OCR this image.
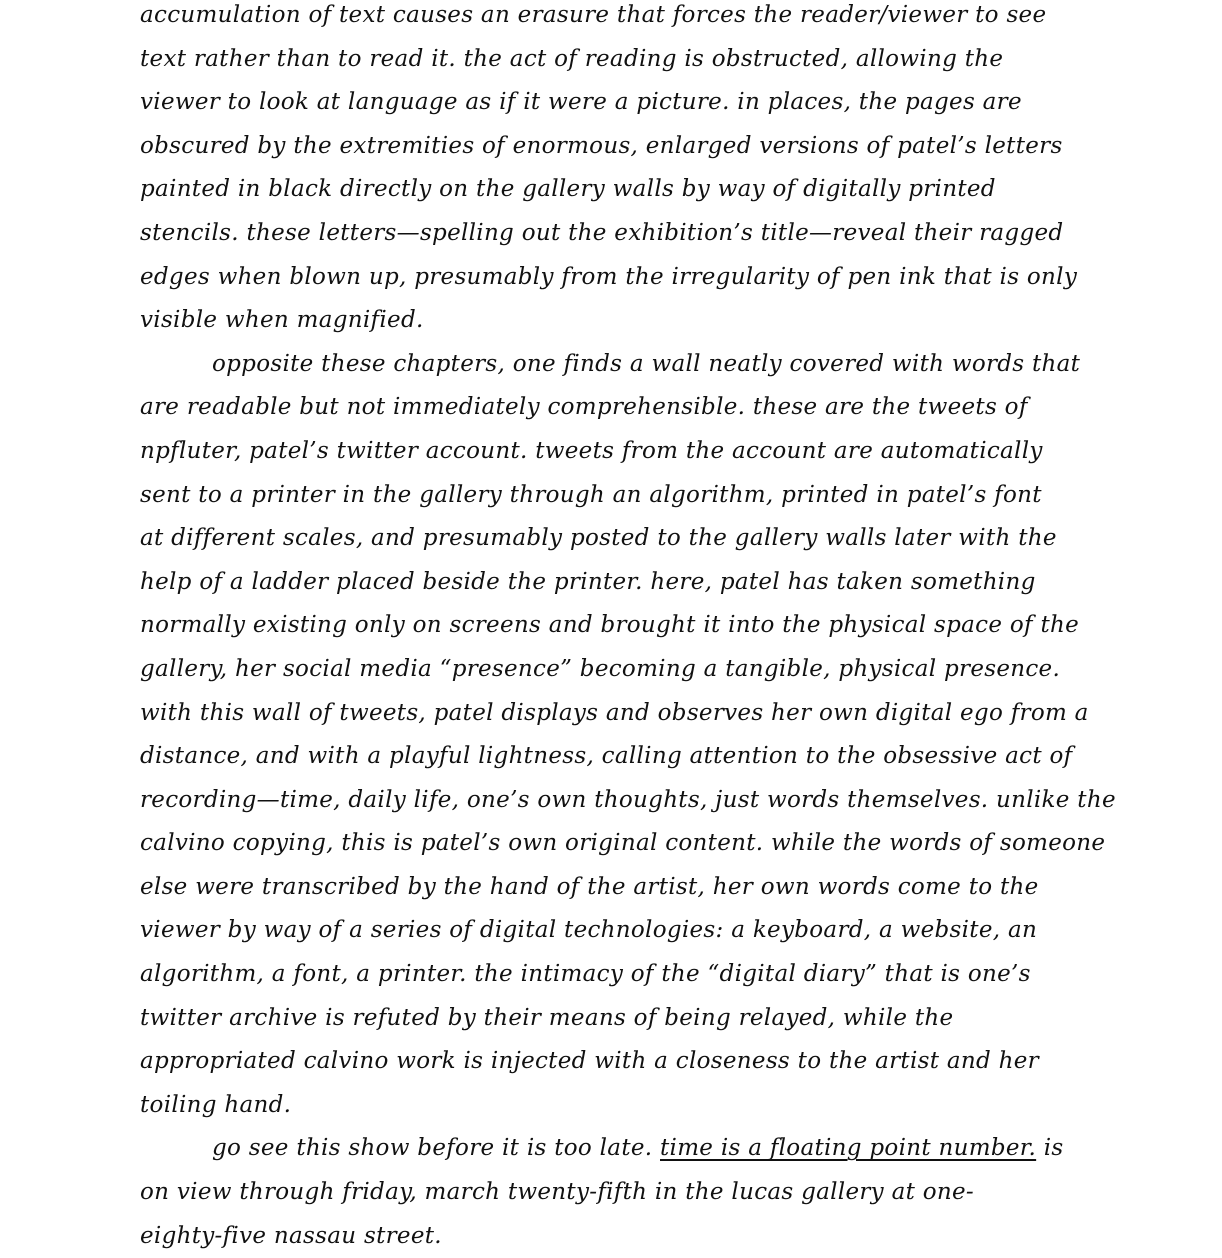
accumulation of text causes an erasure that forces the reader/viewer to see
text rather than to read it. the act of reading is obstructed, allowing the
viewer to look at language as if it were a picture. in places, the pages are
obscured by the extremities of enormous, enlarged versions of patel’s letters
painted in black directly on the gallery walls by way of digitally printed
stencils. these letters—spelling out the exhibition’s title—reveal their ragged
edges when blown up, presumably from the irregularity of pen ink that is only
visible when magnified.
opposite these chapters, one finds a wall neatly covered with words that
are readable but not immediately comprehensible. these are the tweets of
npfluter, patel’s twitter account. tweets from the account are automatically
sent to a printer in the gallery through an algorithm, printed in patel’s font
at different scales, and presumably posted to the gallery walls later with the
help of a ladder placed beside the printer. here, patel has taken something
normally existing only on screens and brought it into the physical space of the
gallery, her social media “presence” becoming a tangible, physical presence.
with this wall of tweets, patel displays and observes her own digital ego from a
distance, and with a playful lightness, calling attention to the obsessive act of
recording—time, daily life, one’s own thoughts, just words themselves. unlike the
calvino copying, this is patel’s own original content. while the words of someone
else were transcribed by the hand of the artist, her own words come to the
viewer by way of a series of digital technologies: a keyboard, a website, an
algorithm, a font, a printer. the intimacy of the “digital diary” that is one’s
twitter archive is refuted by their means of being relayed, while the
appropriated calvino work is injected with a closeness to the artist and her
toiling hand.
go see this show before it is too late. time is a floating point number. is
on view through friday, march twenty-fifth in the lucas gallery at one-
eighty-five nassau street.
